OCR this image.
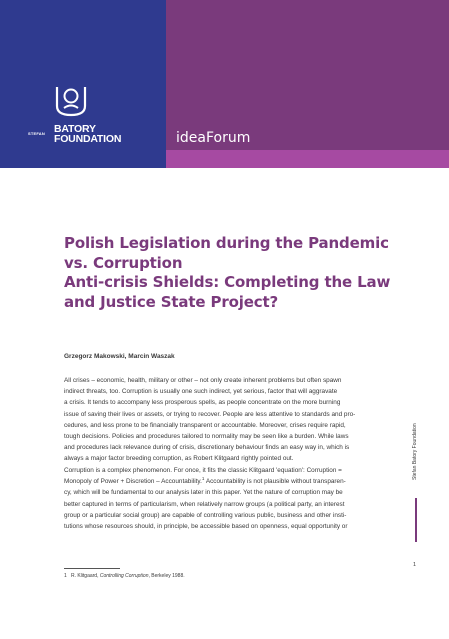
STEFAN BATORY
FOUNDATION	ideaForum
Polish Legislation during the Pandemic
vs. Corruption
Anti-crisis Shields: Completing the Law
and Justice State Project?
Grzegorz Makowski, Marcin Waszak
All crises – economic, health, military or other – not only create inherent problems but often spawn
indirect threats, too. Corruption is usually one such indirect, yet serious, factor that will aggravate
a crisis. It tends to accompany less prosperous spells, as people concentrate on the more burning
issue of saving their lives or assets, or trying to recover. People are less attentive to standards and pro-
cedures, and less prone to be financially transparent or accountable. Moreover, crises require rapid,
tough decisions. Policies and procedures tailored to normality may be seen like a burden. While laws
and procedures lack relevance during of crisis, discretionary behaviour finds an easy way in, which is
always a major factor breeding corruption, as Robert Klitgaard rightly pointed out.
Corruption is a complex phenomenon. For once, it fits the classic Klitgaard 'equation': Corruption =
Monopoly of Power + Discretion – Accountability.$^1$ Accountability is not plausible without transparen-
cy, which will be fundamental to our analysis later in this paper. Yet the nature of corruption may be
better captured in terms of particularism, when relatively narrow groups (a political party, an interest
group or a particular social group) are capable of controlling various public, business and other insti-
tutions whose resources should, in principle, be accessible based on openness, equal opportunity or
1 R. Klitgaard, Controlling Corruption, Berkeley 1988.
Stefan Batory Foundation
1
